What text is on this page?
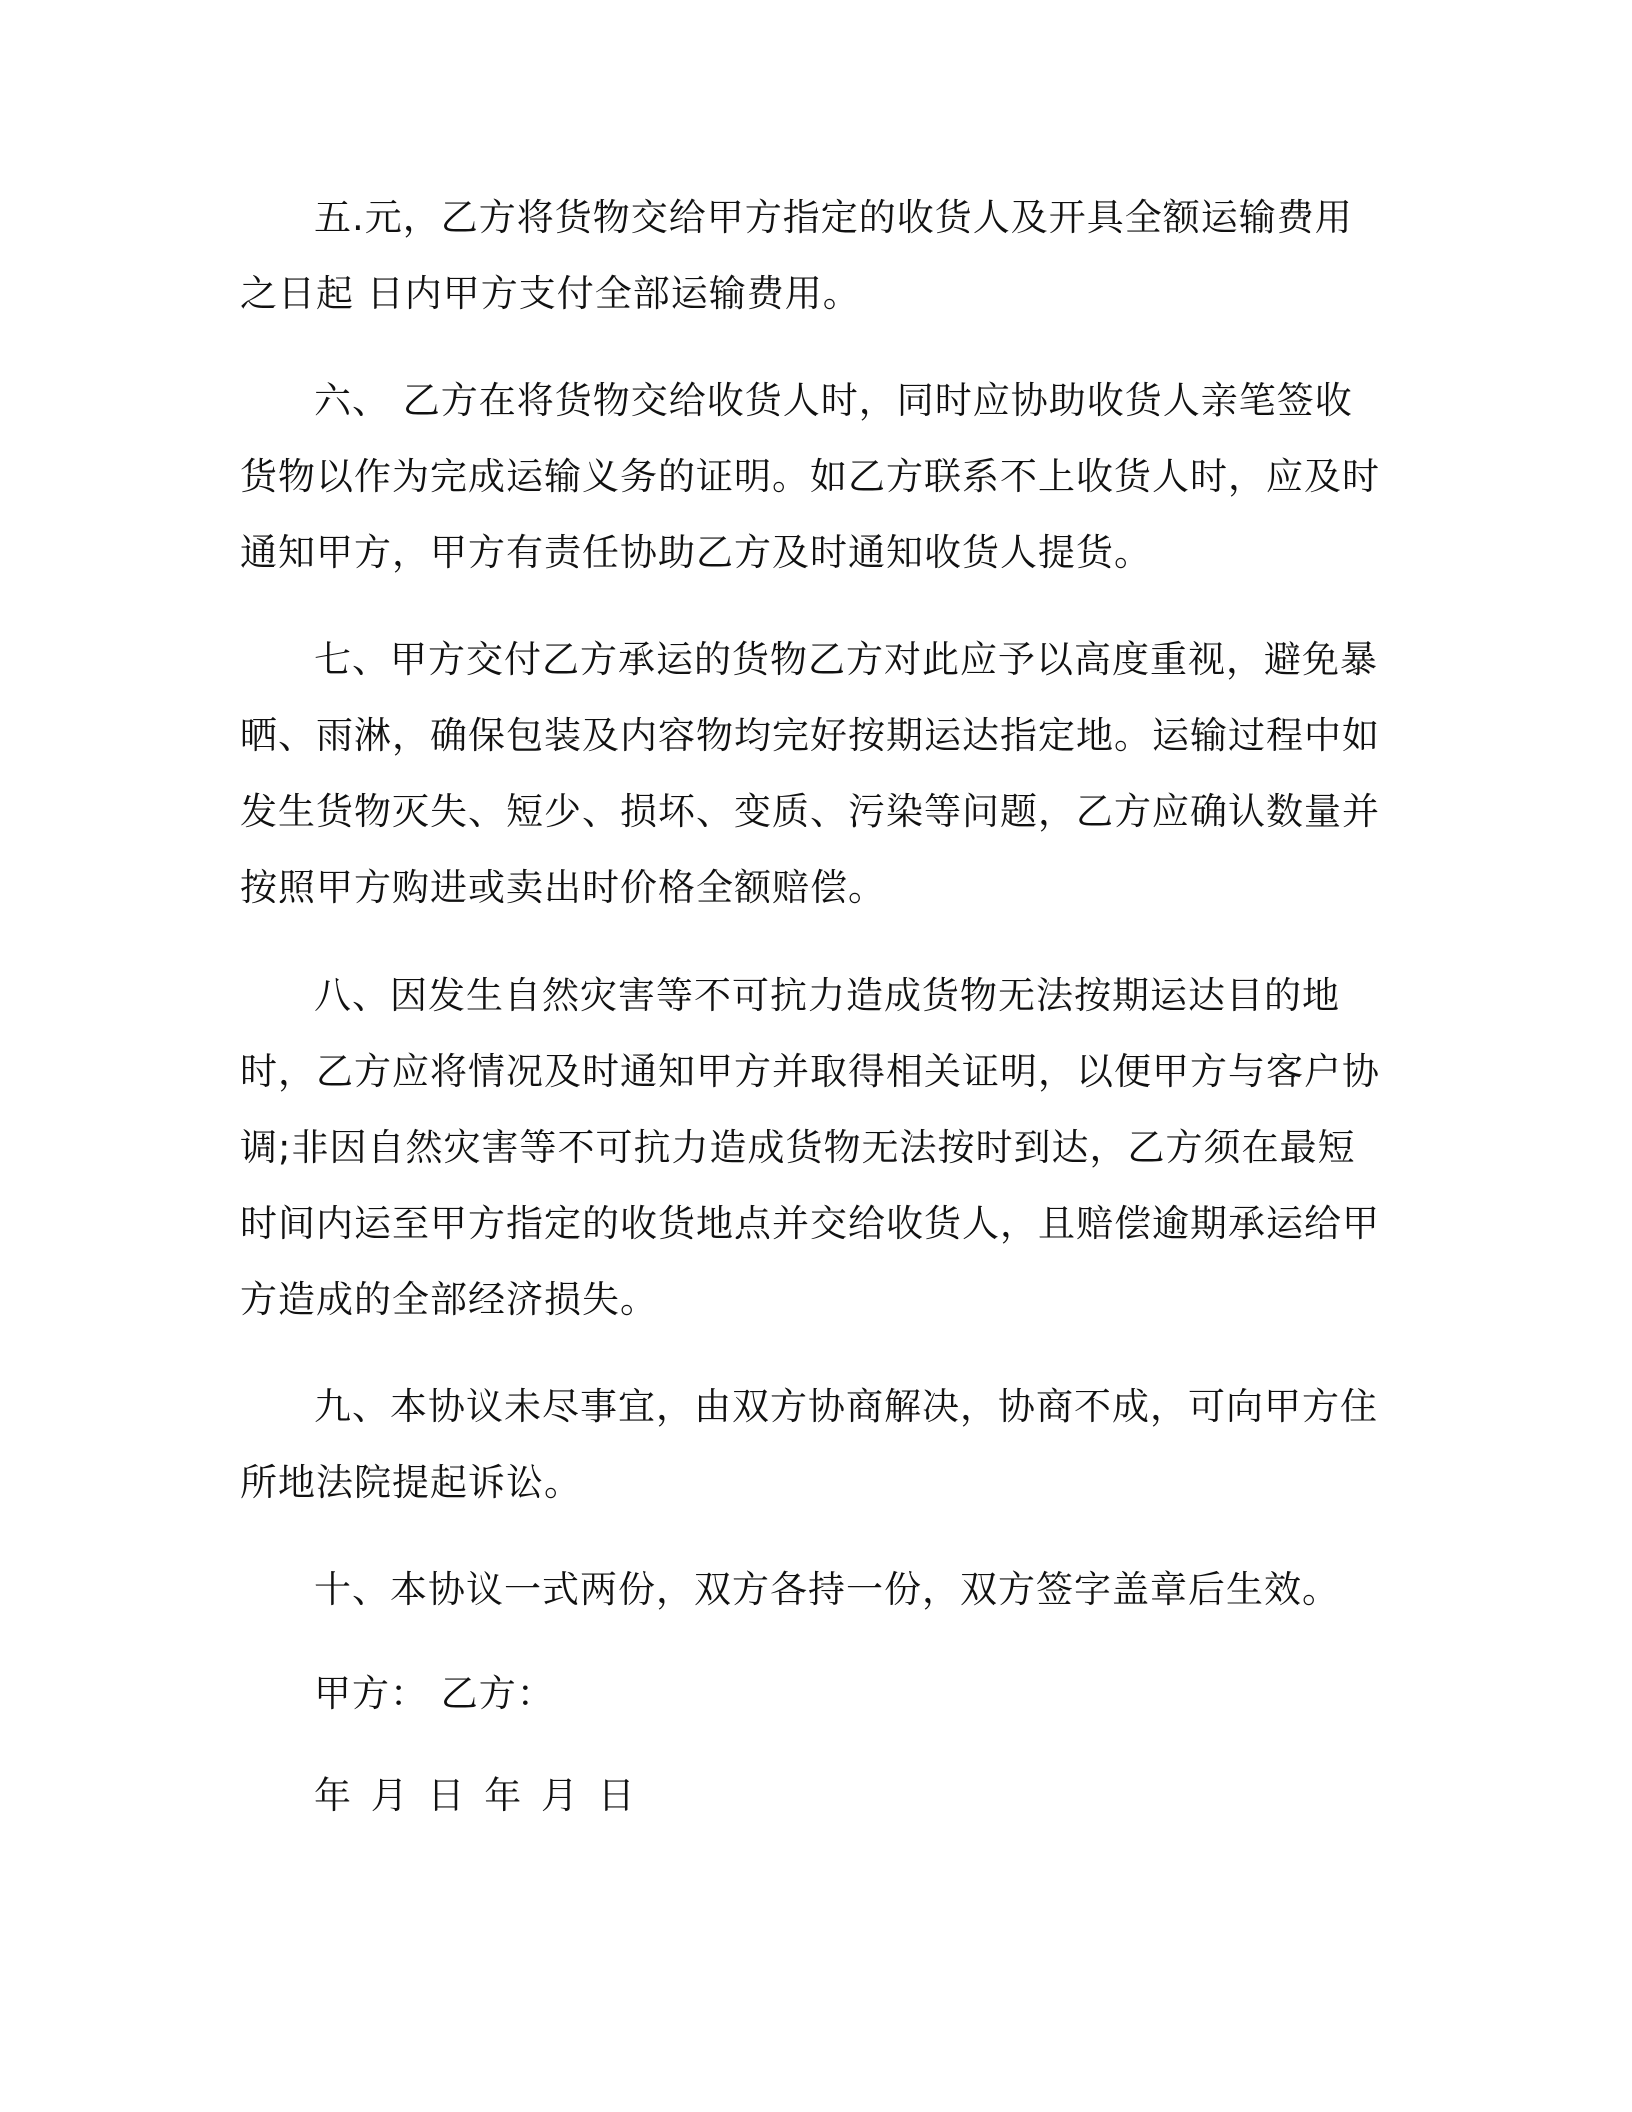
五.元，乙方将货物交给甲方指定的收货人及开具全额运输费用之日起 日内甲方支付全部运输费用。

六、 乙方在将货物交给收货人时，同时应协助收货人亲笔签收货物以作为完成运输义务的证明。如乙方联系不上收货人时，应及时通知甲方，甲方有责任协助乙方及时通知收货人提货。

七、甲方交付乙方承运的货物乙方对此应予以高度重视，避免暴晒、雨淋，确保包装及内容物均完好按期运达指定地。运输过程中如发生货物灭失、短少、损坏、变质、污染等问题，乙方应确认数量并按照甲方购进或卖出时价格全额赔偿。

八、因发生自然灾害等不可抗力造成货物无法按期运达目的地时，乙方应将情况及时通知甲方并取得相关证明，以便甲方与客户协调;非因自然灾害等不可抗力造成货物无法按时到达，乙方须在最短时间内运至甲方指定的收货地点并交给收货人，且赔偿逾期承运给甲方造成的全部经济损失。

九、本协议未尽事宜，由双方协商解决，协商不成，可向甲方住所地法院提起诉讼。

十、本协议一式两份，双方各持一份，双方签字盖章后生效。

甲方： 乙方：

年 月 日 年 月 日
